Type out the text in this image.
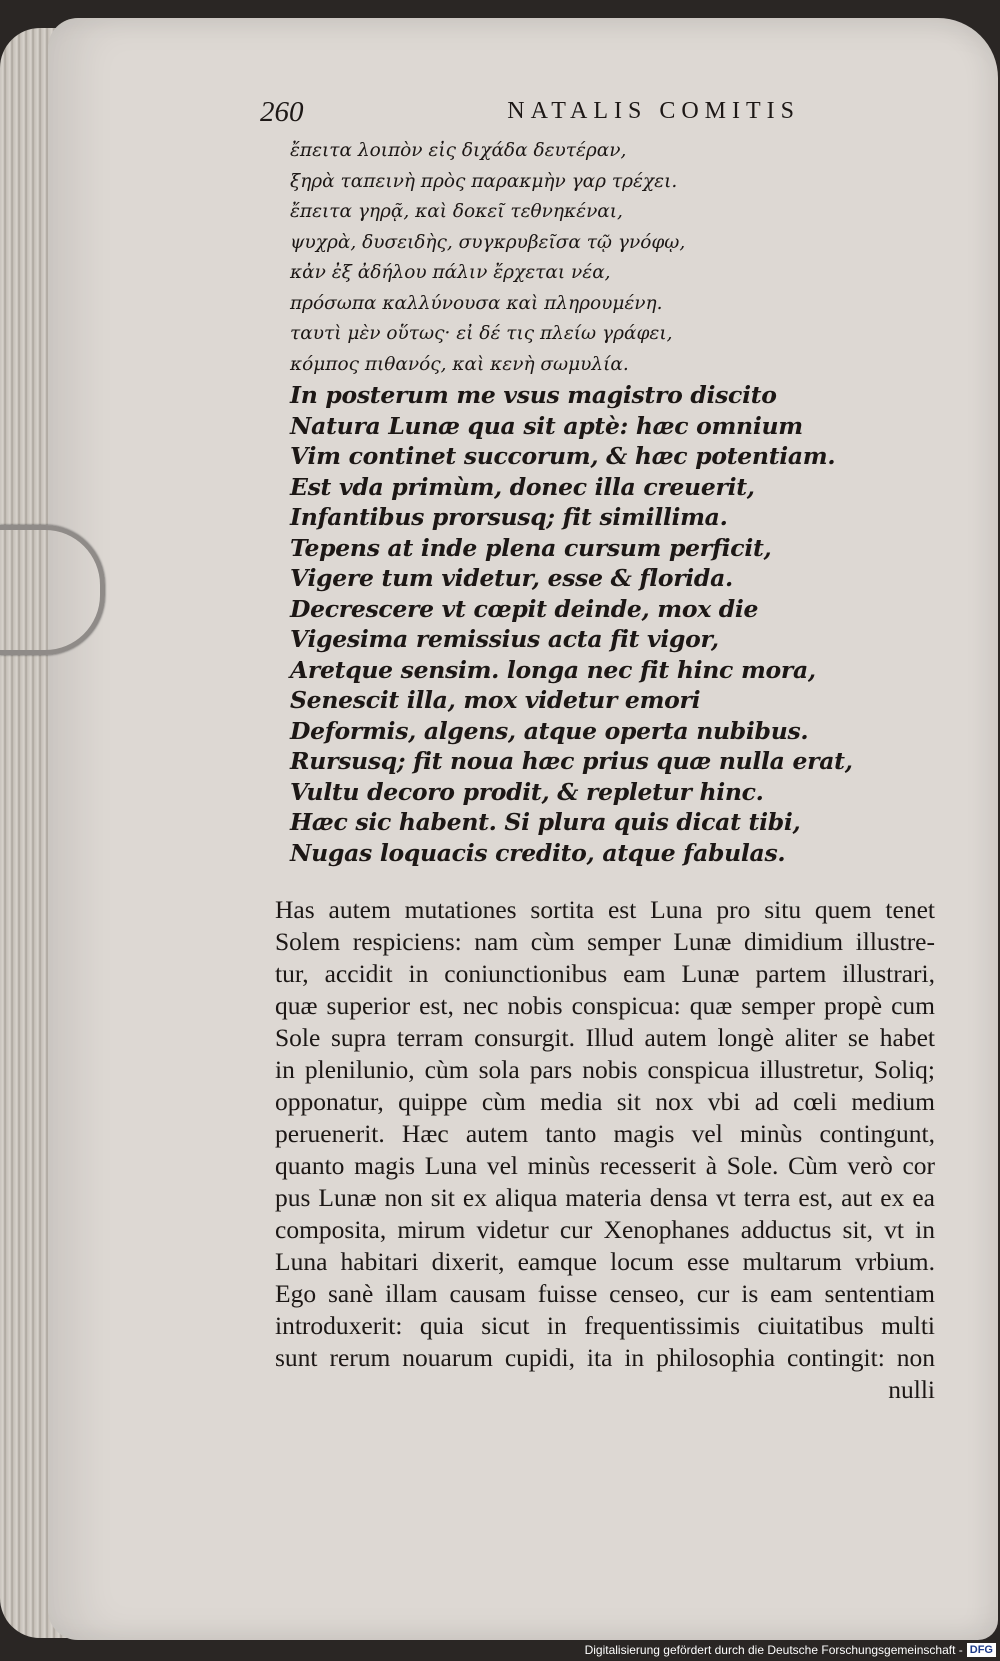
260	NATALIS COMITIS
ἔπειτα λοιπὸν εἰς διχάδα δευτέραν,
ξηρὰ ταπεινὴ πρὸς παρακμὴν γαρ τρέχει.
ἔπειτα γηρᾷ, καὶ δοκεῖ τεθνηκέναι,
ψυχρὰ, δυσειδὴς, συγκρυβεῖσα τῷ γνόφῳ,
κἀν ἐξ ἀδήλου πάλιν ἔρχεται νέα,
πρόσωπα καλλύνουσα καὶ πληρουμένη.
ταυτὶ μὲν οὕτως· εἰ δέ τις πλείω γράφει,
κόμπος πιθανός, καὶ κενὴ σωμυλία.
In posterum me vsus magistro discito
Natura Lunæ qua sit aptè: hæc omnium
Vim continet succorum, & hæc potentiam.
Est vda primùm, donec illa creuerit,
Infantibus prorsusq; fit simillima.
Tepens at inde plena cursum perficit,
Vigere tum videtur, esse & florida.
Decrescere vt cœpit deinde, mox die
Vigesima remissius acta fit vigor,
Aretque sensim. longa nec fit hinc mora,
Senescit illa, mox videtur emori
Deformis, algens, atque operta nubibus.
Rursusq; fit noua hæc prius quæ nulla erat,
Vultu decoro prodit, & repletur hinc.
Hæc sic habent. Si plura quis dicat tibi,
Nugas loquacis credito, atque fabulas.
Has autem mutationes sortita est Luna pro situ quem tenet
Solem respiciens: nam cùm semper Lunæ dimidium illustre-
tur, accidit in coniunctionibus eam Lunæ partem illustrari,
quæ superior est, nec nobis conspicua: quæ semper propè cum
Sole supra terram consurgit. Illud autem longè aliter se habet
in plenilunio, cùm sola pars nobis conspicua illustretur, Soliq;
opponatur, quippe cùm media sit nox vbi ad cœli medium
peruenerit. Hæc autem tanto magis vel minùs contingunt,
quanto magis Luna vel minùs recesserit à Sole. Cùm verò cor
pus Lunæ non sit ex aliqua materia densa vt terra est, aut ex ea
composita, mirum videtur cur Xenophanes adductus sit, vt in
Luna habitari dixerit, eamque locum esse multarum vrbium.
Ego sanè illam causam fuisse censeo, cur is eam sententiam
introduxerit: quia sicut in frequentissimis ciuitatibus multi
sunt rerum nouarum cupidi, ita in philosophia contingit: non
nulli
Digitalisierung gefördert durch die Deutsche Forschungsgemeinschaft - DFG
